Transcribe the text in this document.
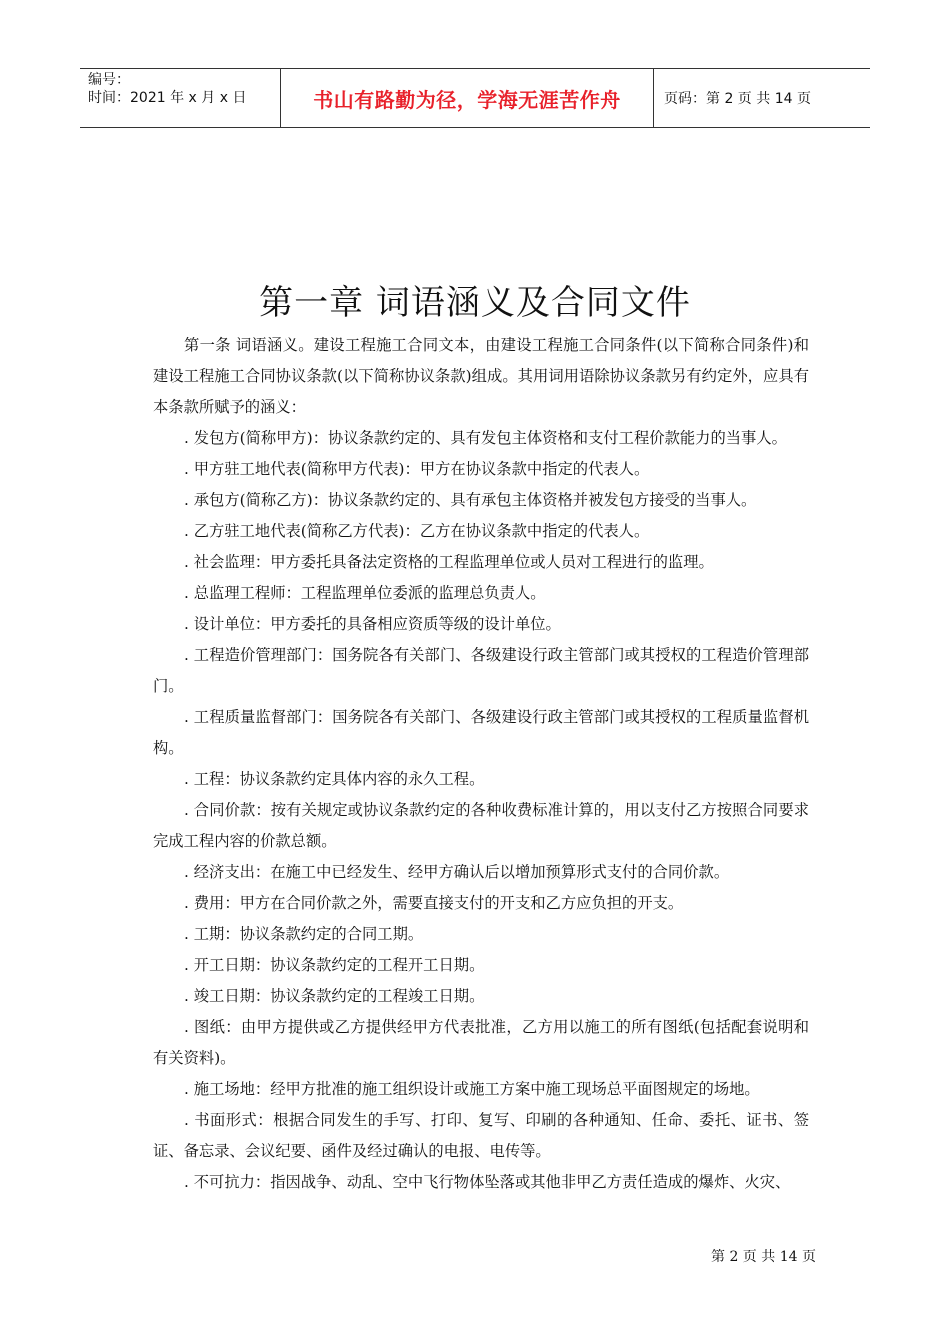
编号：
时间：2021 年 x 月 x 日	书山有路勤为径，学海无涯苦作舟	页码：第 2 页 共 14 页
第一章 词语涵义及合同文件

第一条 词语涵义。建设工程施工合同文本，由建设工程施工合同条件(以下简称合同条件)和建设工程施工合同协议条款(以下简称协议条款)组成。其用词用语除协议条款另有约定外，应具有本条款所赋予的涵义：

. 发包方(简称甲方)：协议条款约定的、具有发包主体资格和支付工程价款能力的当事人。

. 甲方驻工地代表(简称甲方代表)：甲方在协议条款中指定的代表人。

. 承包方(简称乙方)：协议条款约定的、具有承包主体资格并被发包方接受的当事人。

. 乙方驻工地代表(简称乙方代表)：乙方在协议条款中指定的代表人。

. 社会监理：甲方委托具备法定资格的工程监理单位或人员对工程进行的监理。

. 总监理工程师：工程监理单位委派的监理总负责人。

. 设计单位：甲方委托的具备相应资质等级的设计单位。

. 工程造价管理部门：国务院各有关部门、各级建设行政主管部门或其授权的工程造价管理部门。

. 工程质量监督部门：国务院各有关部门、各级建设行政主管部门或其授权的工程质量监督机构。

. 工程：协议条款约定具体内容的永久工程。

. 合同价款：按有关规定或协议条款约定的各种收费标准计算的，用以支付乙方按照合同要求完成工程内容的价款总额。

. 经济支出：在施工中已经发生、经甲方确认后以增加预算形式支付的合同价款。

. 费用：甲方在合同价款之外，需要直接支付的开支和乙方应负担的开支。

. 工期：协议条款约定的合同工期。

. 开工日期：协议条款约定的工程开工日期。

. 竣工日期：协议条款约定的工程竣工日期。

. 图纸：由甲方提供或乙方提供经甲方代表批准，乙方用以施工的所有图纸(包括配套说明和有关资料)。

. 施工场地：经甲方批准的施工组织设计或施工方案中施工现场总平面图规定的场地。

. 书面形式：根据合同发生的手写、打印、复写、印刷的各种通知、任命、委托、证书、签证、备忘录、会议纪要、函件及经过确认的电报、电传等。

. 不可抗力：指因战争、动乱、空中飞行物体坠落或其他非甲乙方责任造成的爆炸、火灾、

第 2 页 共 14 页
